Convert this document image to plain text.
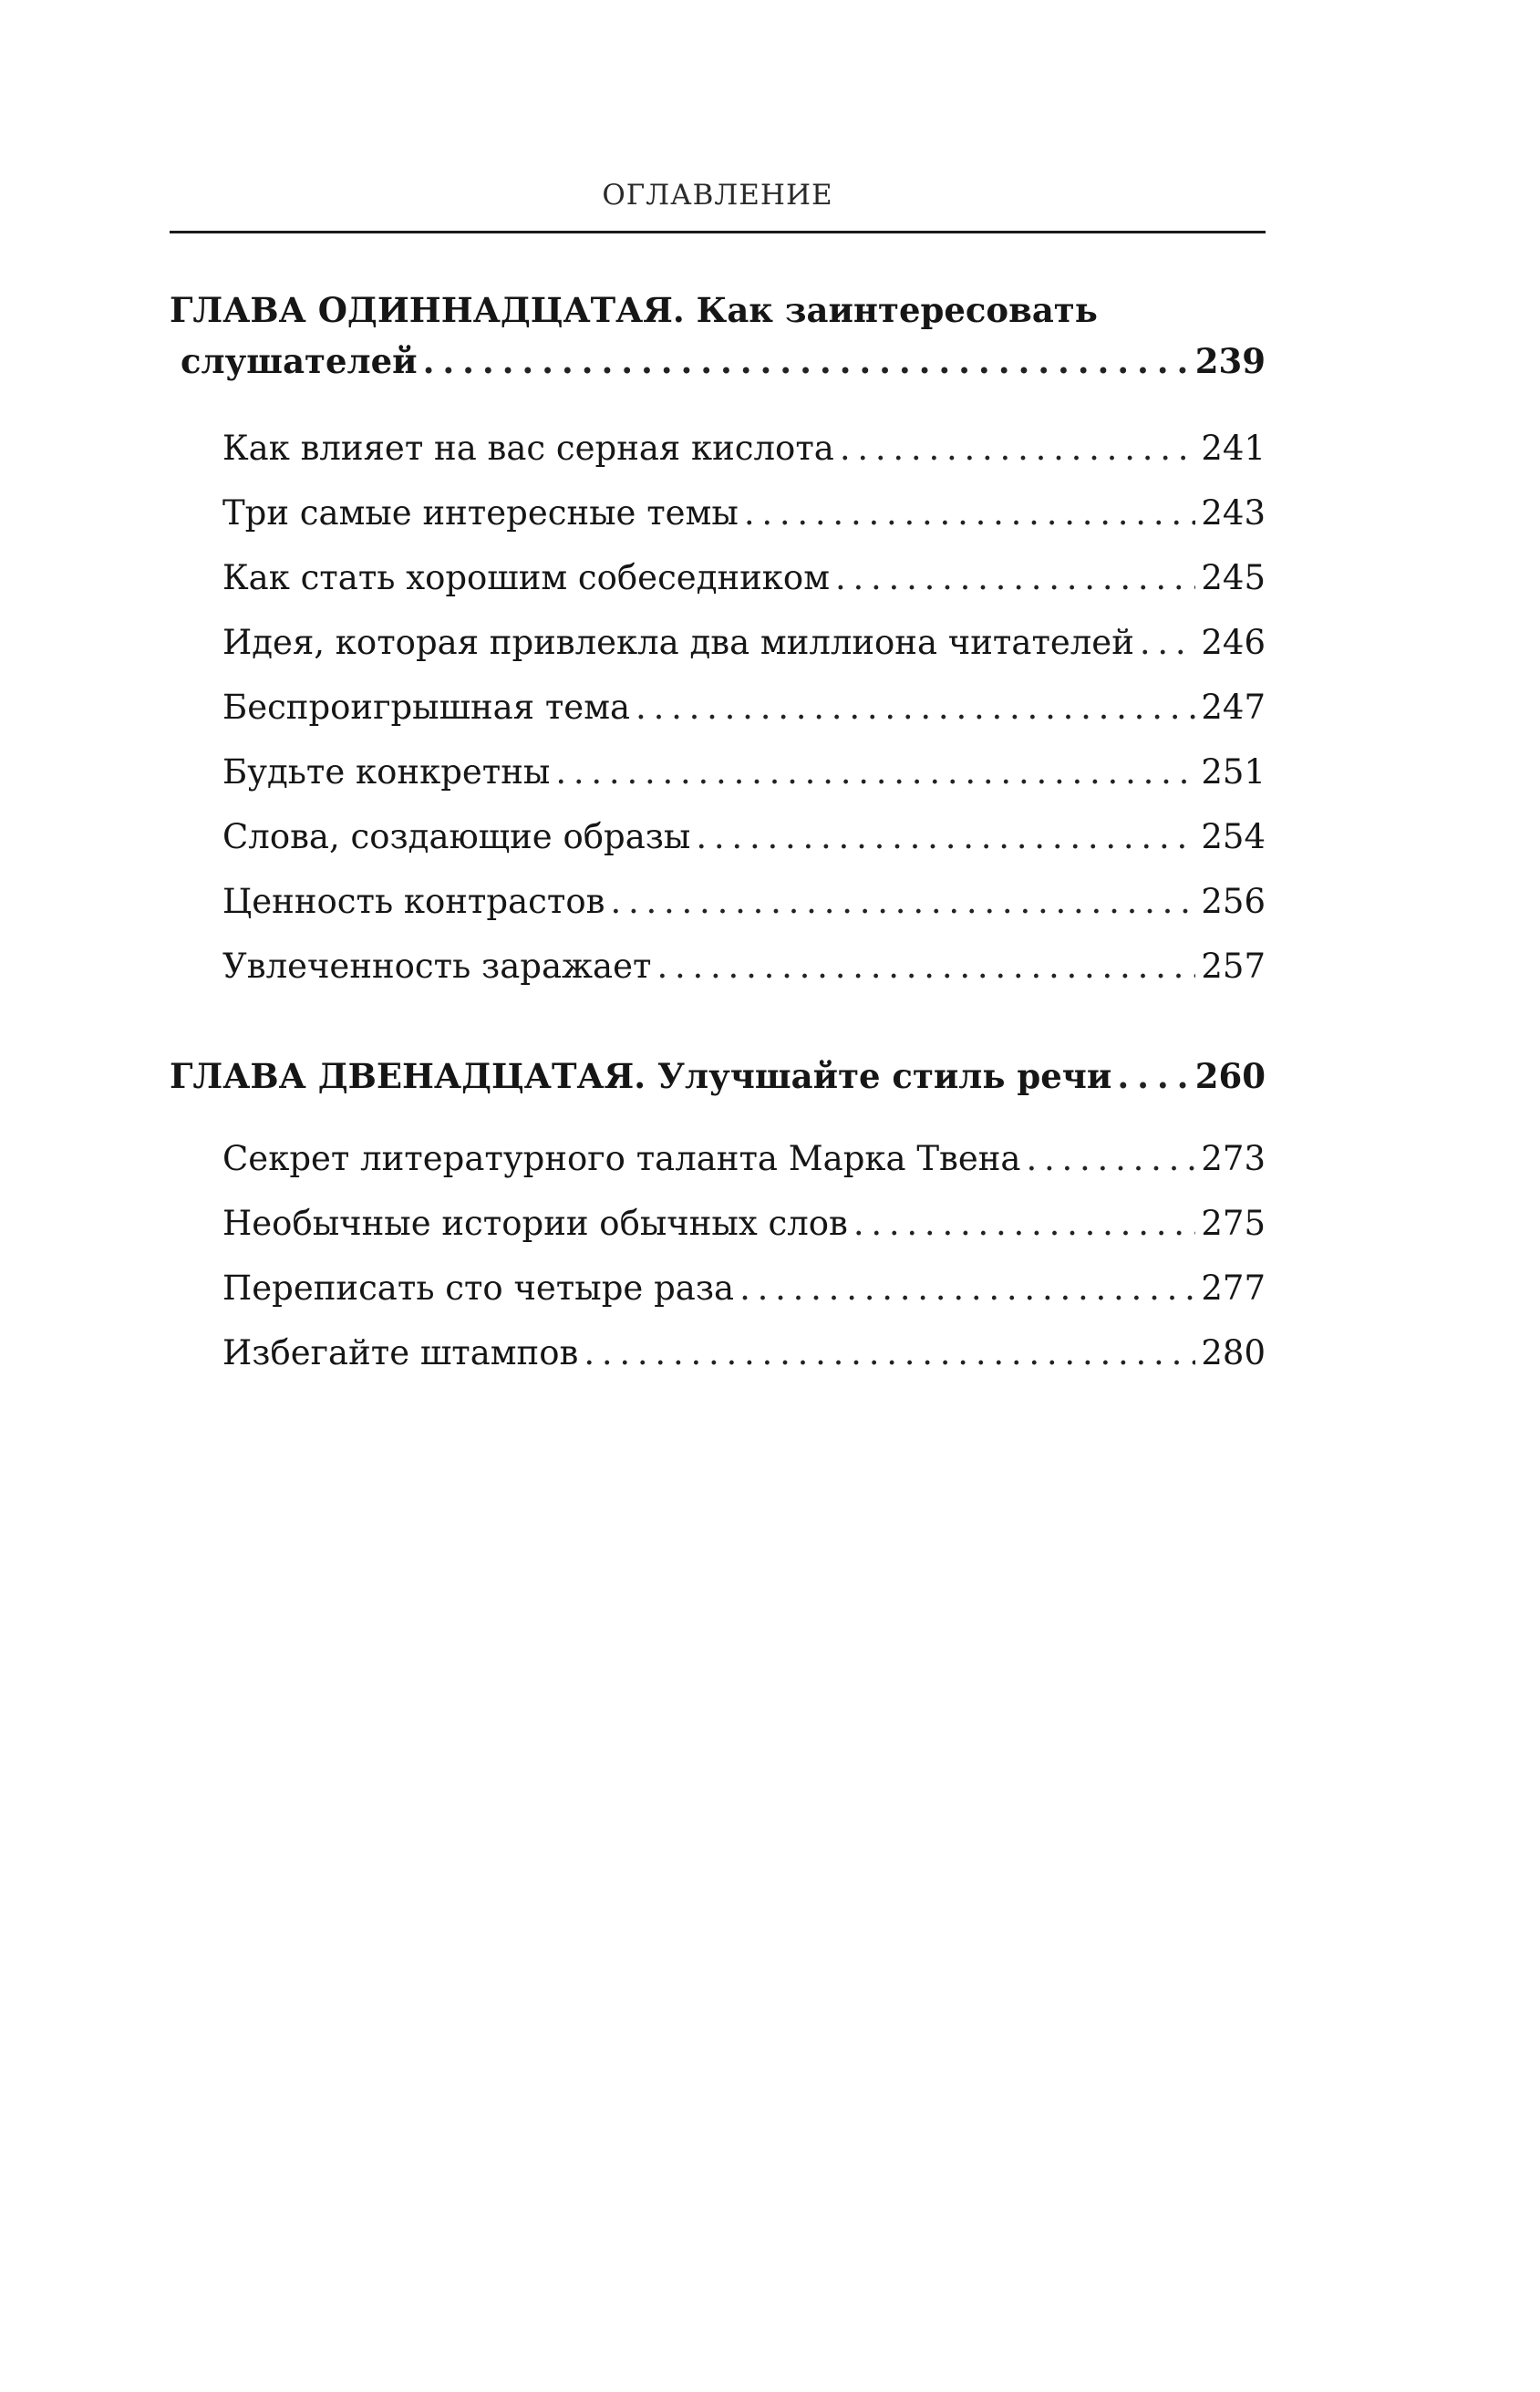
ОГЛАВЛЕНИЕ
ГЛАВА ОДИННАДЦАТАЯ. Как заинтересовать
слушателей . . .	239
Как влияет на вас серная кислота . . .	241
Три самые интересные темы . . .	243
Как стать хорошим собеседником . . .	245
Идея, которая привлекла два миллиона читателей . . . 246
Беспроигрышная тема . . .	247
Будьте конкретны . . .	251
Слова, создающие образы . . .	254
Ценность контрастов . . .	256
Увлеченность заражает . . .	257
ГЛАВА ДВЕНАДЦАТАЯ. Улучшайте стиль речи . . . 260
Секрет литературного таланта Марка Твена . . .	273
Необычные истории обычных слов . . .	275
Переписать сто четыре раза . . .	277
Избегайте штампов . . .	280
